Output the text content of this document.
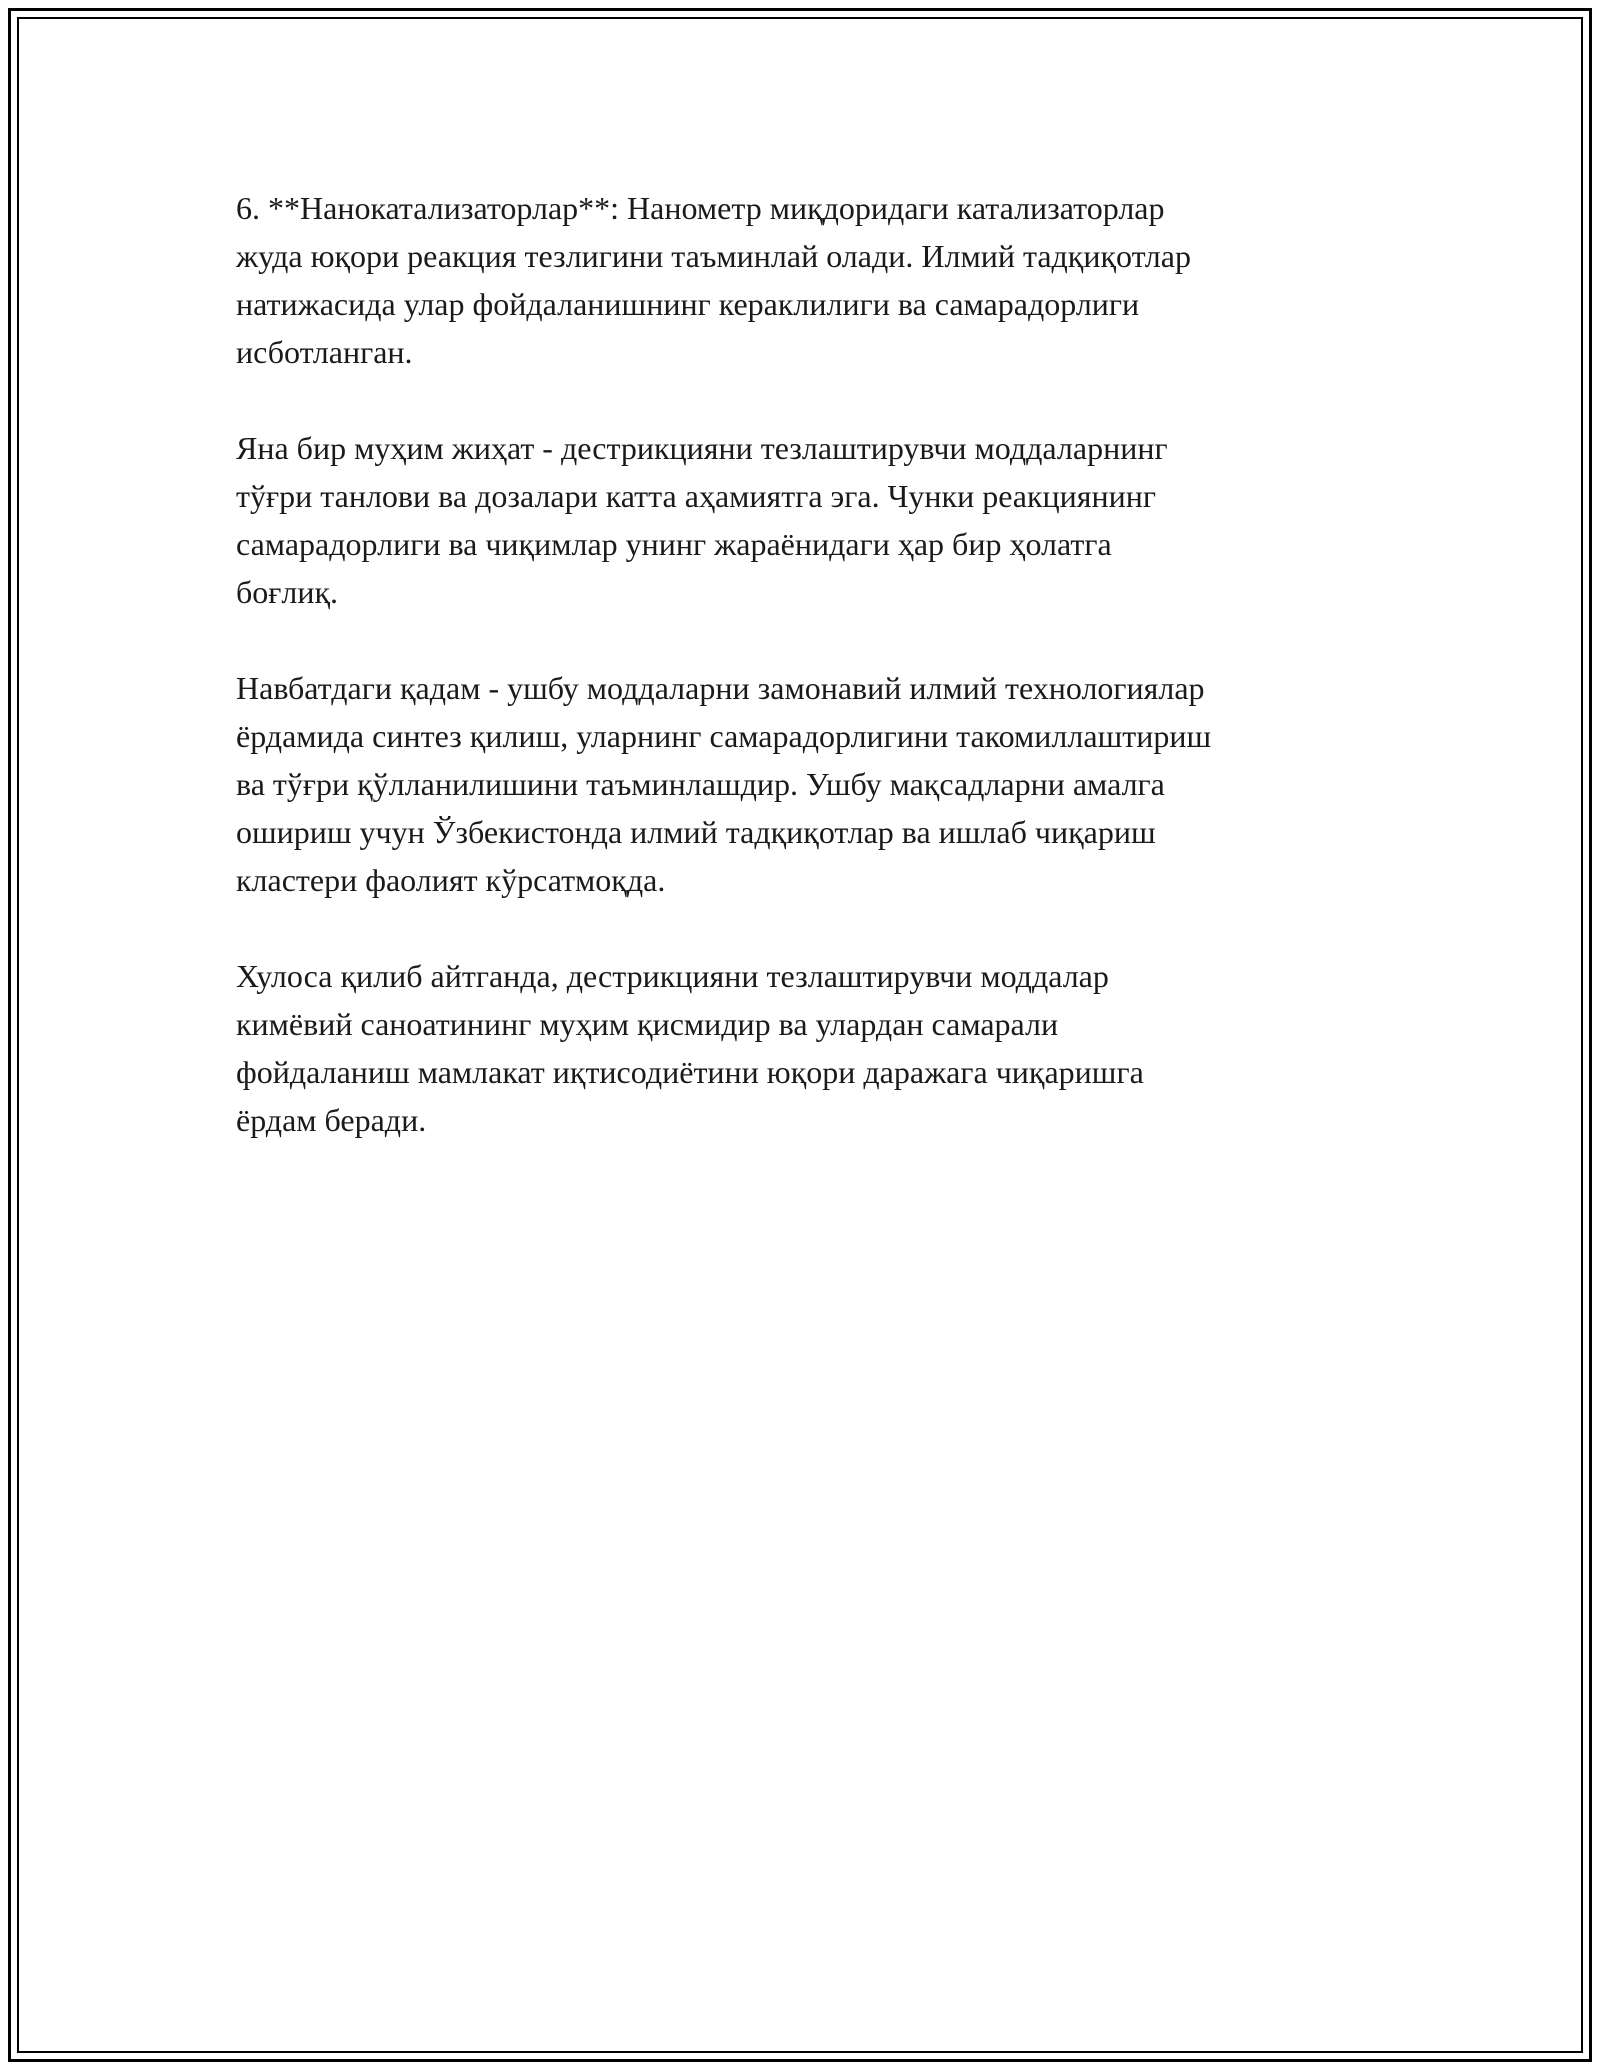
6. **Нанокатализаторлар**: Нанометр миқдоридаги катализаторлар
жуда юқори реакция тезлигини таъминлай олади. Илмий тадқиқотлар
натижасида улар фойдаланишнинг кераклилиги ва самарадорлиги
исботланган.

Яна бир муҳим жиҳат - дестрикцияни тезлаштирувчи моддаларнинг
тўғри танлови ва дозалари катта аҳамиятга эга. Чунки реакциянинг
самарадорлиги ва чиқимлар унинг жараёнидаги ҳар бир ҳолатга
боғлиқ.

Навбатдаги қадам - ушбу моддаларни замонавий илмий технологиялар
ёрдамида синтез қилиш, уларнинг самарадорлигини такомиллаштириш
ва тўғри қўлланилишини таъминлашдир. Ушбу мақсадларни амалга
ошириш учун Ўзбекистонда илмий тадқиқотлар ва ишлаб чиқариш
кластери фаолият кўрсатмоқда.

Хулоса қилиб айтганда, дестрикцияни тезлаштирувчи моддалар
кимёвий саноатининг муҳим қисмидир ва улардан самарали
фойдаланиш мамлакат иқтисодиётини юқори даражага чиқаришга
ёрдам беради.
